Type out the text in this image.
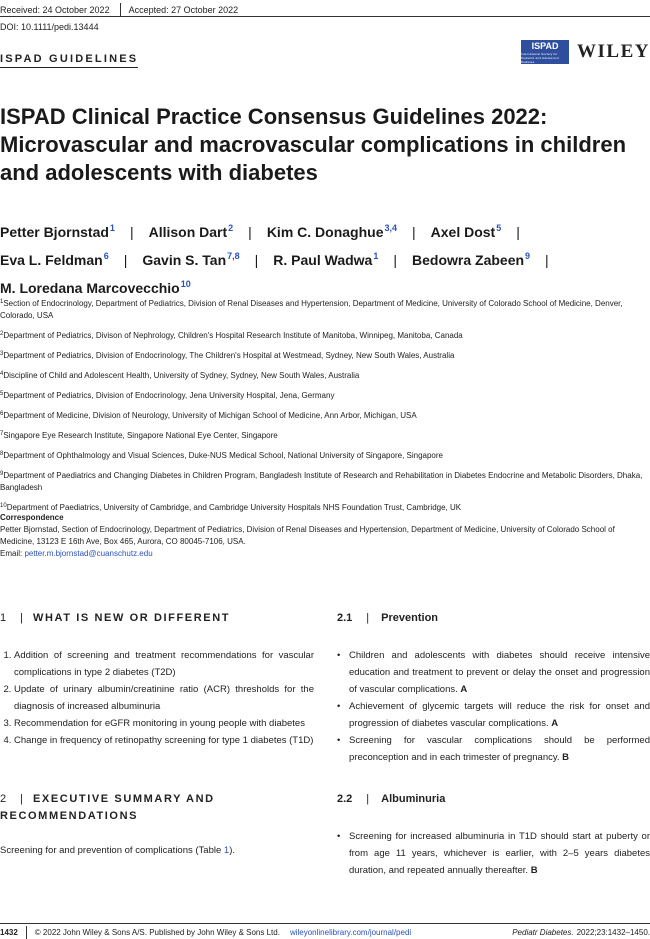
Received: 24 October 2022 Accepted: 27 October 2022
DOI: 10.1111/pedi.13444
ISPAD GUIDELINES
ISPAD
International Society for Pediatric and Adolescent Diabetes	WILEY
ISPAD Clinical Practice Consensus Guidelines 2022: Microvascular and macrovascular complications in children and adolescents with diabetes
Petter Bjornstad$^1$ | Allison Dart$^2$ | Kim C. Donaghue$^{3,4}$ | Axel Dost$^5$ |
Eva L. Feldman$^6$ | Gavin S. Tan$^{7,8}$ | R. Paul Wadwa$^1$ | Bedowra Zabeen$^9$ |
M. Loredana Marcovecchio$^{10}$
$^1$Section of Endocrinology, Department of Pediatrics, Division of Renal Diseases and Hypertension, Department of Medicine, University of Colorado School of Medicine, Denver, Colorado, USA
$^2$Department of Pediatrics, Divison of Nephrology, Children's Hospital Research Institute of Manitoba, Winnipeg, Manitoba, Canada
$^3$Department of Pediatrics, Division of Endocrinology, The Children's Hospital at Westmead, Sydney, New South Wales, Australia
$^4$Discipline of Child and Adolescent Health, University of Sydney, Sydney, New South Wales, Australia
$^5$Department of Pediatrics, Division of Endocrinology, Jena University Hospital, Jena, Germany
$^6$Department of Medicine, Division of Neurology, University of Michigan School of Medicine, Ann Arbor, Michigan, USA
$^7$Singapore Eye Research Institute, Singapore National Eye Center, Singapore
$^8$Department of Ophthalmology and Visual Sciences, Duke-NUS Medical School, National University of Singapore, Singapore
$^9$Department of Paediatrics and Changing Diabetes in Children Program, Bangladesh Institute of Research and Rehabilitation in Diabetes Endocrine and Metabolic Disorders, Dhaka, Bangladesh
$^{10}$Department of Paediatrics, University of Cambridge, and Cambridge University Hospitals NHS Foundation Trust, Cambridge, UK
Correspondence
Petter Bjornstad, Section of Endocrinology, Department of Pediatrics, Division of Renal Diseases and Hypertension, Department of Medicine, University of Colorado School of Medicine, 13123 E 16th Ave, Box 465, Aurora, CO 80045-7106, USA.
Email: petter.m.bjornstad@cuanschutz.edu
1 | WHAT IS NEW OR DIFFERENT
1. Addition of screening and treatment recommendations for vascular complications in type 2 diabetes (T2D)
2. Update of urinary albumin/creatinine ratio (ACR) thresholds for the diagnosis of increased albuminuria
3. Recommendation for eGFR monitoring in young people with diabetes
4. Change in frequency of retinopathy screening for type 1 diabetes (T1D)
2 | EXECUTIVE SUMMARY AND RECOMMENDATIONS
Screening for and prevention of complications (Table 1).
2.1 | Prevention
• Children and adolescents with diabetes should receive intensive education and treatment to prevent or delay the onset and progression of vascular complications. A
• Achievement of glycemic targets will reduce the risk for onset and progression of diabetes vascular complications. A
• Screening for vascular complications should be performed preconception and in each trimester of pregnancy. B
2.2 | Albuminuria
• Screening for increased albuminuria in T1D should start at puberty or from age 11 years, whichever is earlier, with 2–5 years diabetes duration, and repeated annually thereafter. B
1432 © 2022 John Wiley & Sons A/S. Published by John Wiley & Sons Ltd. wileyonlinelibrary.com/journal/pedi	Pediatr Diabetes. 2022;23:1432–1450.
